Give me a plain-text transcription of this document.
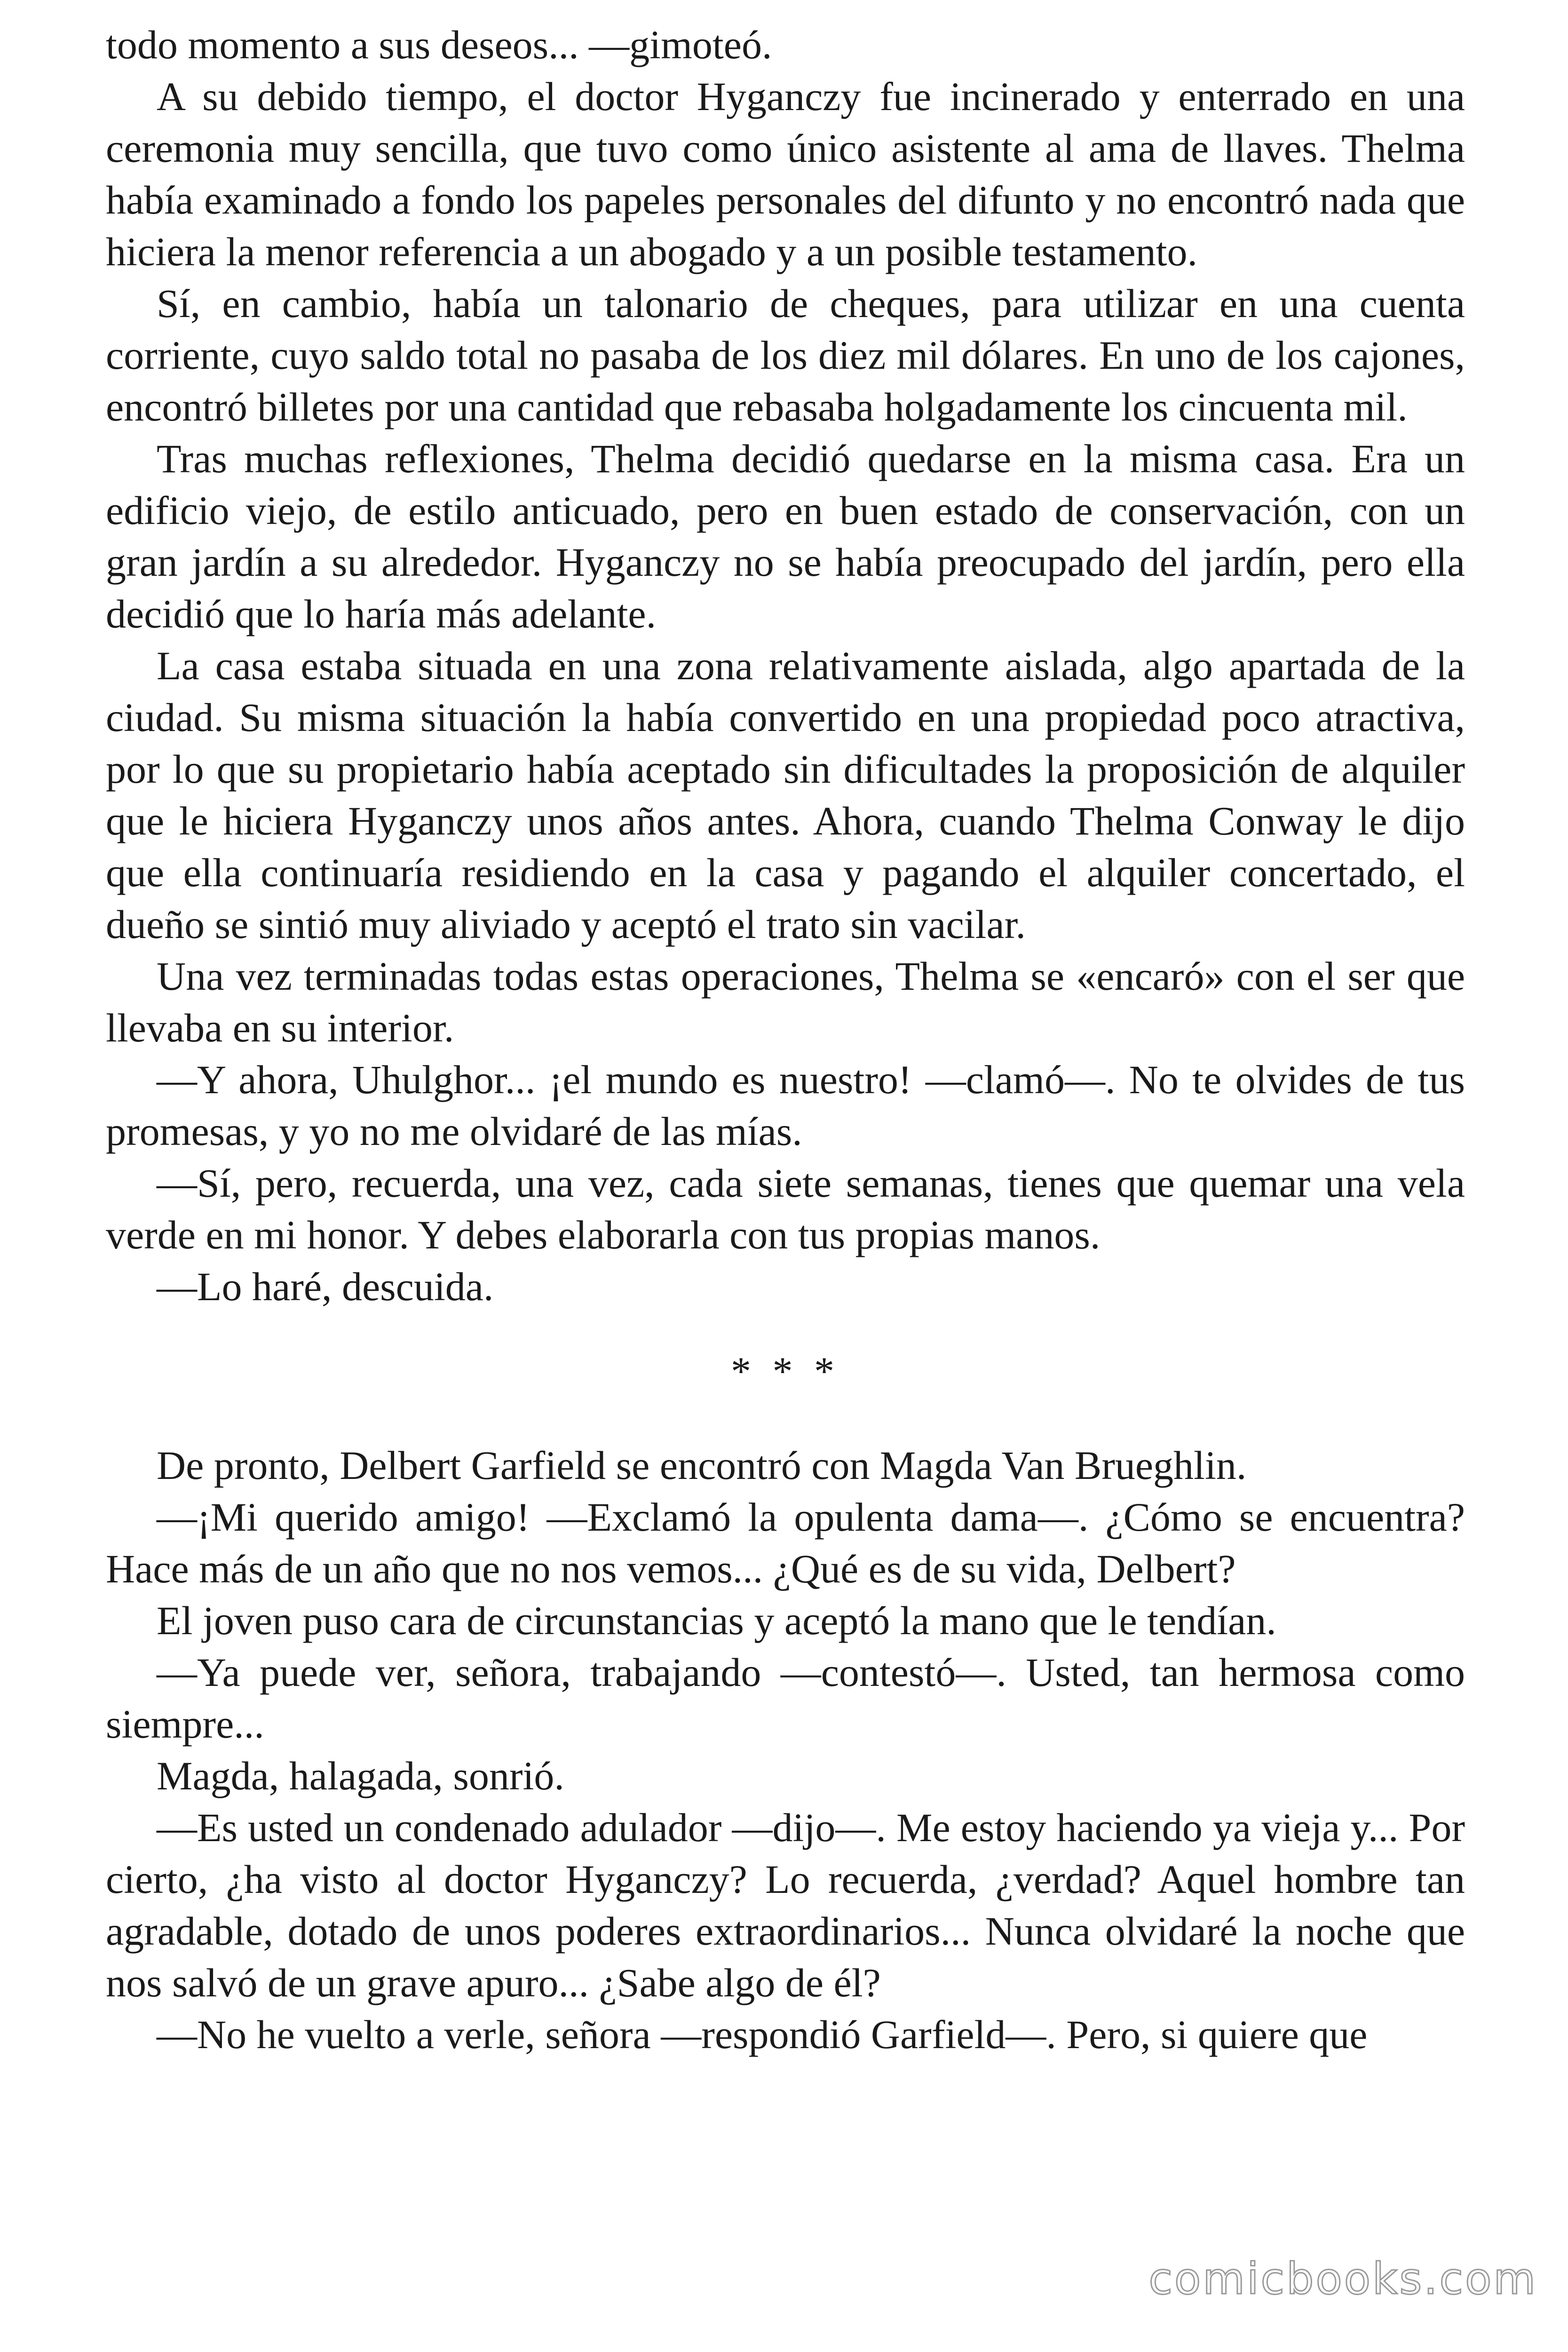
todo momento a sus deseos... —gimoteó.

A su debido tiempo, el doctor Hyganczy fue incinerado y enterrado en una ceremonia muy sencilla, que tuvo como único asistente al ama de llaves. Thelma había examinado a fondo los papeles personales del difunto y no encontró nada que hiciera la menor referencia a un abogado y a un posible testamento.

Sí, en cambio, había un talonario de cheques, para utilizar en una cuenta corriente, cuyo saldo total no pasaba de los diez mil dólares. En uno de los cajones, encontró billetes por una cantidad que rebasaba holgadamente los cincuenta mil.

Tras muchas reflexiones, Thelma decidió quedarse en la misma casa. Era un edificio viejo, de estilo anticuado, pero en buen estado de conservación, con un gran jardín a su alrededor. Hyganczy no se había preocupado del jardín, pero ella decidió que lo haría más adelante.

La casa estaba situada en una zona relativamente aislada, algo apartada de la ciudad. Su misma situación la había convertido en una propiedad poco atractiva, por lo que su propietario había aceptado sin dificultades la proposición de alquiler que le hiciera Hyganczy unos años antes. Ahora, cuando Thelma Conway le dijo que ella continuaría residiendo en la casa y pagando el alquiler concertado, el dueño se sintió muy aliviado y aceptó el trato sin vacilar.

Una vez terminadas todas estas operaciones, Thelma se «encaró» con el ser que llevaba en su interior.

—Y ahora, Uhulghor... ¡el mundo es nuestro! —clamó—. No te olvides de tus promesas, y yo no me olvidaré de las mías.

—Sí, pero, recuerda, una vez, cada siete semanas, tienes que quemar una vela verde en mi honor. Y debes elaborarla con tus propias manos.

—Lo haré, descuida.

* * *

De pronto, Delbert Garfield se encontró con Magda Van Brueghlin.

—¡Mi querido amigo! —Exclamó la opulenta dama—. ¿Cómo se encuentra? Hace más de un año que no nos vemos... ¿Qué es de su vida, Delbert?

El joven puso cara de circunstancias y aceptó la mano que le tendían.

—Ya puede ver, señora, trabajando —contestó—. Usted, tan hermosa como siempre...

Magda, halagada, sonrió.

—Es usted un condenado adulador —dijo—. Me estoy haciendo ya vieja y... Por cierto, ¿ha visto al doctor Hyganczy? Lo recuerda, ¿verdad? Aquel hombre tan agradable, dotado de unos poderes extraordinarios... Nunca olvidaré la noche que nos salvó de un grave apuro... ¿Sabe algo de él?

—No he vuelto a verle, señora —respondió Garfield—. Pero, si quiere que

comicbooks.com
